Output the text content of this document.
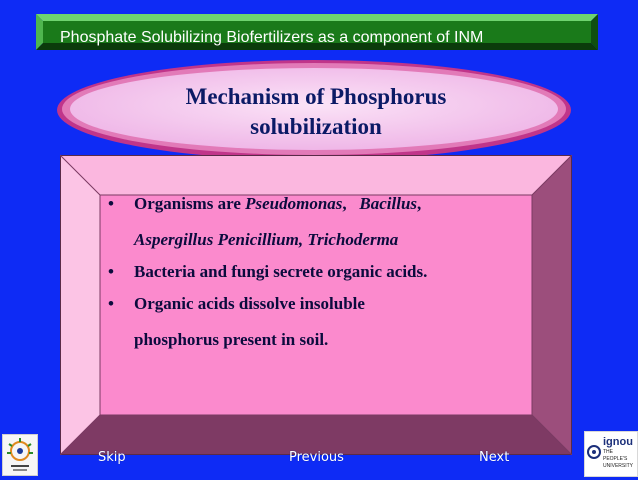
Phosphate Solubilizing Biofertilizers as a component of INM
Mechanism of Phosphorus
solubilization
• Organisms are Pseudomonas,   Bacillus,
Aspergillus Penicillium, Trichoderma
• Bacteria and fungi secrete organic acids.
• Organic acids dissolve insoluble
phosphorus present in soil.
Skip	Previous	Next
ignou
THE PEOPLE'S UNIVERSITY
